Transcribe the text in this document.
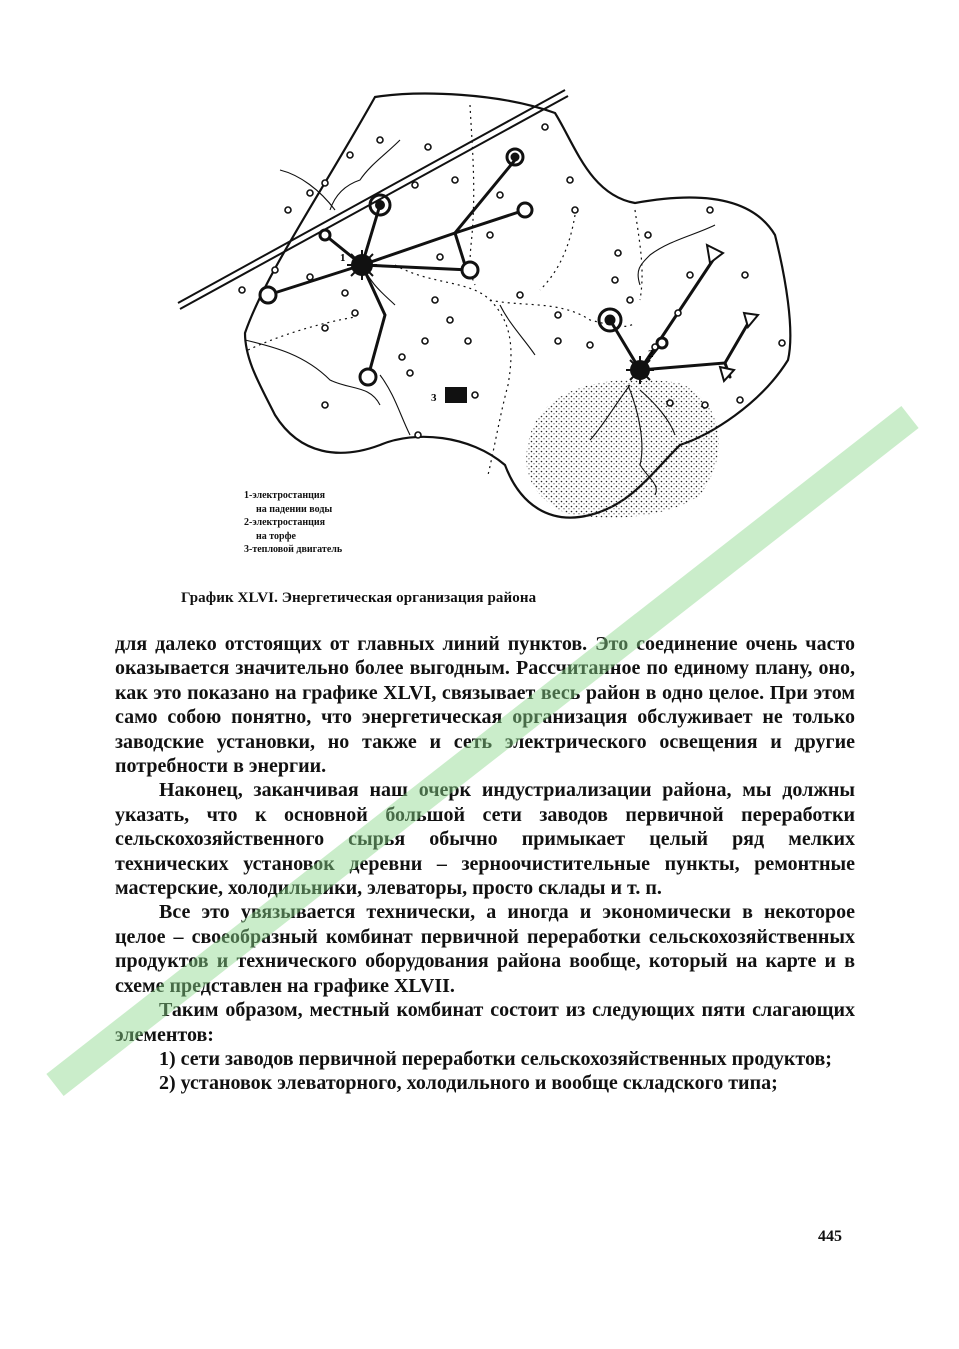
1
2
3
1-электростанция
на падении воды
2-электростанция
на торфе
3-тепловой двигатель
График XLVI. Энергетическая организация района

для далеко отстоящих от главных линий пунктов. Это соединение очень часто оказывается значительно более выгодным. Рассчитанное по единому плану, оно, как это показано на графике XLVI, связывает весь район в одно целое. При этом само собою понятно, что энергетическая организация обслуживает не только заводские установки, но также и сеть электрического освещения и другие потребности в энергии.

Наконец, заканчивая наш очерк индустриализации района, мы должны указать, что к основной большой сети заводов первичной переработки сельскохозяйственного сырья обычно примыкает целый ряд мелких технических установок деревни – зерноочистительные пункты, ремонтные мастерские, холодильники, элеваторы, просто склады и т. п.

Все это увязывается технически, а иногда и экономически в некоторое целое – своеобразный комбинат первичной переработки сельскохозяйственных продуктов и технического оборудования района вообще, который на карте и в схеме представлен на графике XLVII.

Таким образом, местный комбинат состоит из следующих пяти слагающих элементов:

1) сети заводов первичной переработки сельскохозяйственных продуктов;

2) установок элеваторного, холодильного и вообще складского типа;

445
